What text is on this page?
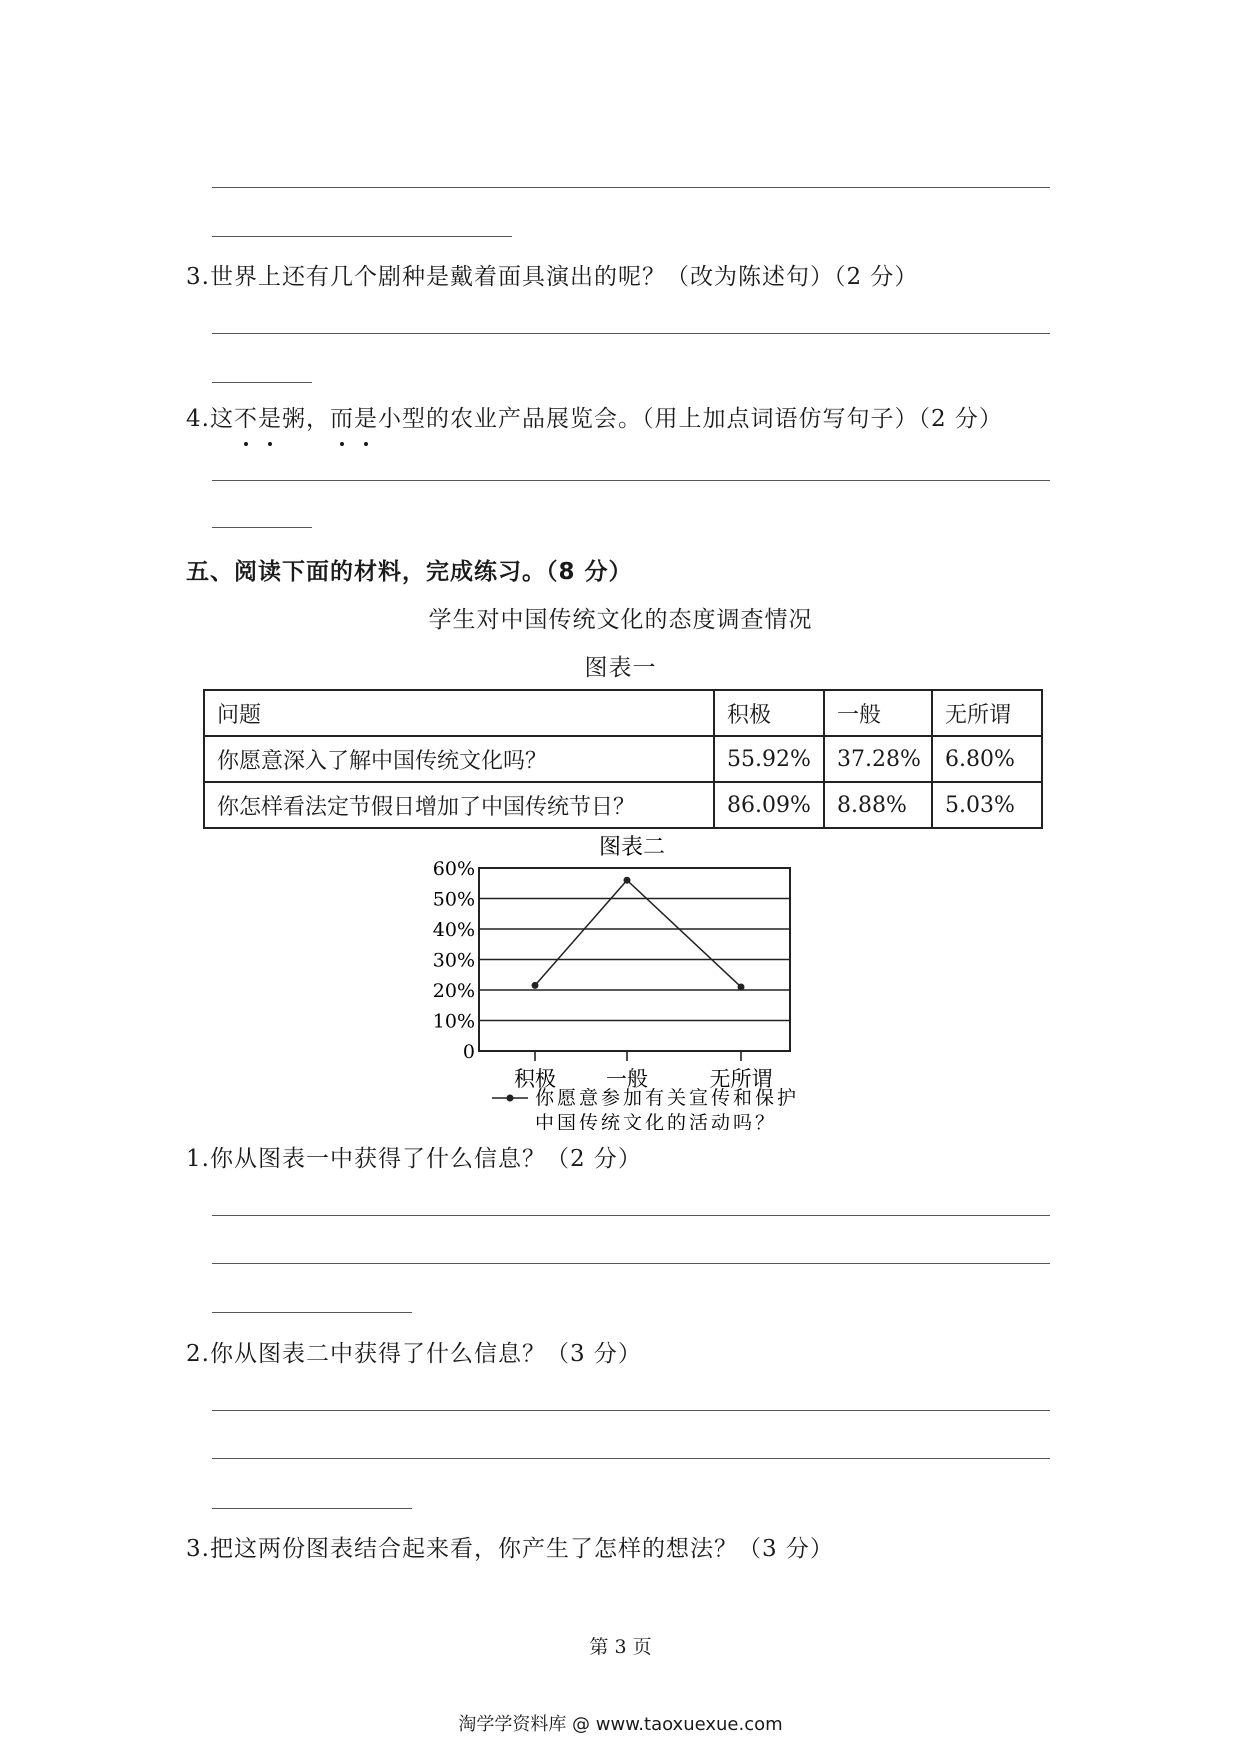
3.世界上还有几个剧种是戴着面具演出的呢？（改为陈述句）（2 分）
4.这不是粥，而是小型的农业产品展览会。（用上加点词语仿写句子）（2 分）
五、阅读下面的材料，完成练习。（8 分）
学生对中国传统文化的态度调查情况
图表一
问题	积极	一般	无所谓
你愿意深入了解中国传统文化吗？	55.92%	37.28%	6.80%
你怎样看法定节假日增加了中国传统节日？	86.09%	8.88%	5.03%
图表二
0
10%
20%
30%
40%
50%
60%
积极 一般	无所谓
你愿意参加有关宣传和保护
中国传统文化的活动吗？
1.你从图表一中获得了什么信息？（2 分）
2.你从图表二中获得了什么信息？（3 分）
3.把这两份图表结合起来看，你产生了怎样的想法？（3 分）
第 3 页
淘学学资料库 @ www.taoxuexue.com
